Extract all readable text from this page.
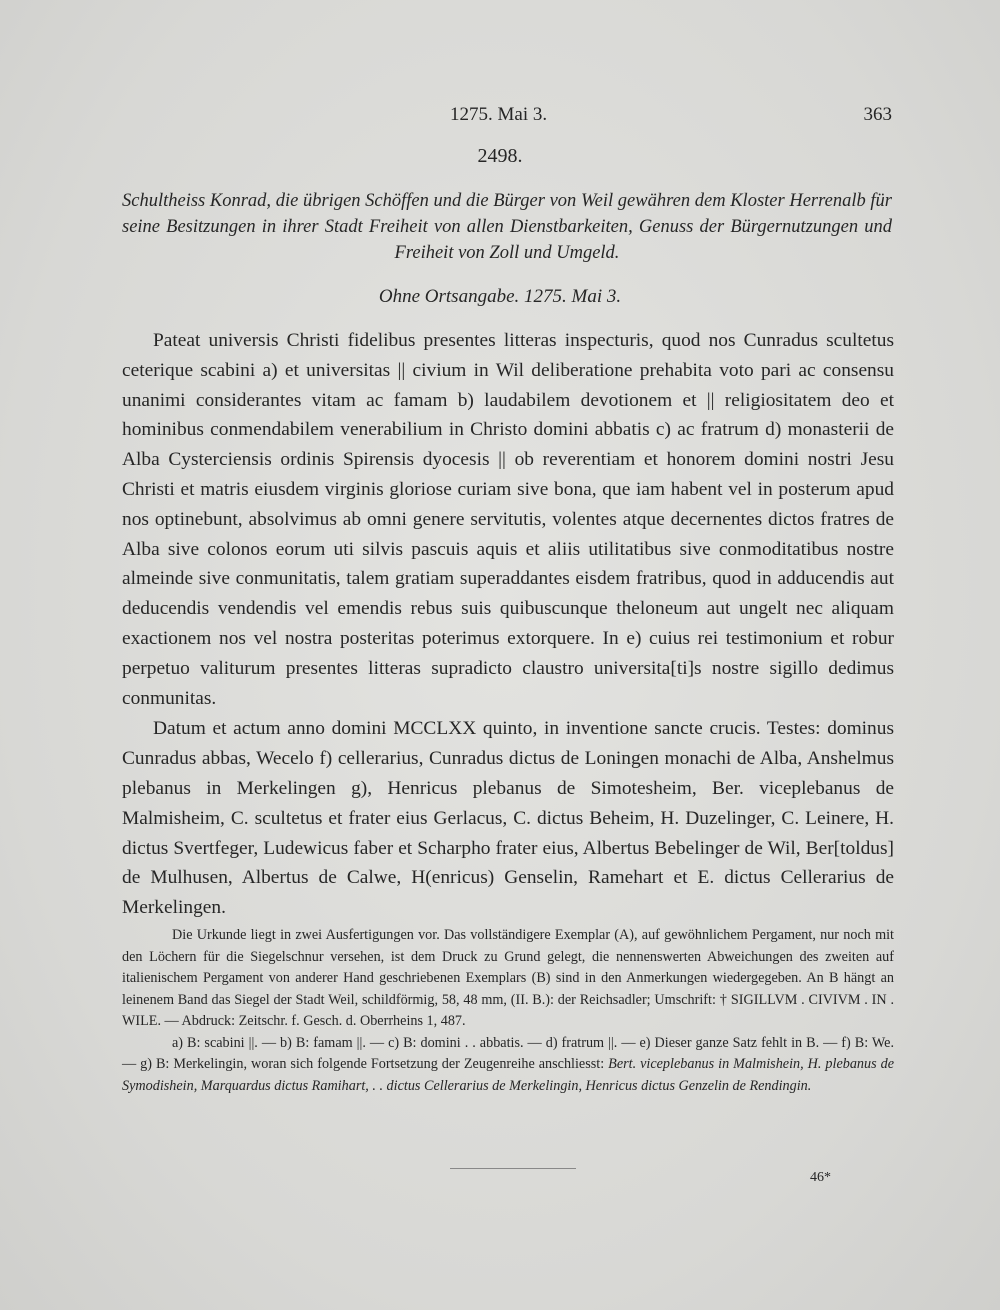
1275. Mai 3.	363
2498.
Schultheiss Konrad, die übrigen Schöffen und die Bürger von Weil gewähren dem Kloster Herrenalb für seine Besitzungen in ihrer Stadt Freiheit von allen Dienstbarkeiten, Genuss der Bürgernutzungen und Freiheit von Zoll und Umgeld.
Ohne Ortsangabe. 1275. Mai 3.

Pateat universis Christi fidelibus presentes litteras inspecturis, quod nos Cunradus scultetus ceterique scabini a) et universitas || civium in Wil deliberatione prehabita voto pari ac consensu unanimi considerantes vitam ac famam b) laudabilem devotionem et || religiositatem deo et hominibus conmendabilem venerabilium in Christo domini abbatis c) ac fratrum d) monasterii de Alba Cysterciensis ordinis Spirensis dyocesis || ob reverentiam et honorem domini nostri Jesu Christi et matris eiusdem virginis gloriose curiam sive bona, que iam habent vel in posterum apud nos optinebunt, absolvimus ab omni genere servitutis, volentes atque decernentes dictos fratres de Alba sive colonos eorum uti silvis pascuis aquis et aliis utilitatibus sive conmoditatibus nostre almeinde sive conmunitatis, talem gratiam superaddantes eisdem fratribus, quod in adducendis aut deducendis vendendis vel emendis rebus suis quibuscunque theloneum aut ungelt nec aliquam exactionem nos vel nostra posteritas poterimus extorquere. In e) cuius rei testimonium et robur perpetuo valiturum presentes litteras supradicto claustro universita[ti]s nostre sigillo dedimus conmunitas.

Datum et actum anno domini MCCLXX quinto, in inventione sancte crucis. Testes: dominus Cunradus abbas, Wecelo f) cellerarius, Cunradus dictus de Loningen monachi de Alba, Anshelmus plebanus in Merkelingen g), Henricus plebanus de Simotesheim, Ber. viceplebanus de Malmisheim, C. scultetus et frater eius Gerlacus, C. dictus Beheim, H. Duzelinger, C. Leinere, H. dictus Svertfeger, Ludewicus faber et Scharpho frater eius, Albertus Bebelinger de Wil, Ber[toldus] de Mulhusen, Albertus de Calwe, H(enricus) Genselin, Ramehart et E. dictus Cellerarius de Merkelingen.

Die Urkunde liegt in zwei Ausfertigungen vor. Das vollständigere Exemplar (A), auf gewöhnlichem Pergament, nur noch mit den Löchern für die Siegelschnur versehen, ist dem Druck zu Grund gelegt, die nennenswerten Abweichungen des zweiten auf italienischem Pergament von anderer Hand geschriebenen Exemplars (B) sind in den Anmerkungen wiedergegeben. An B hängt an leinenem Band das Siegel der Stadt Weil, schildförmig, 58, 48 mm, (II. B.): der Reichsadler; Umschrift: † SIGILLVM . CIVIVM . IN . WILE. — Abdruck: Zeitschr. f. Gesch. d. Oberrheins 1, 487.

a) B: scabini ||. — b) B: famam ||. — c) B: domini . . abbatis. — d) fratrum ||. — e) Dieser ganze Satz fehlt in B. — f) B: We. — g) B: Merkelingin, woran sich folgende Fortsetzung der Zeugenreihe anschliesst: Bert. viceplebanus in Malmishein, H. plebanus de Symodishein, Marquardus dictus Ramihart, . . dictus Cellerarius de Merkelingin, Henricus dictus Genzelin de Rendingin.

46*
